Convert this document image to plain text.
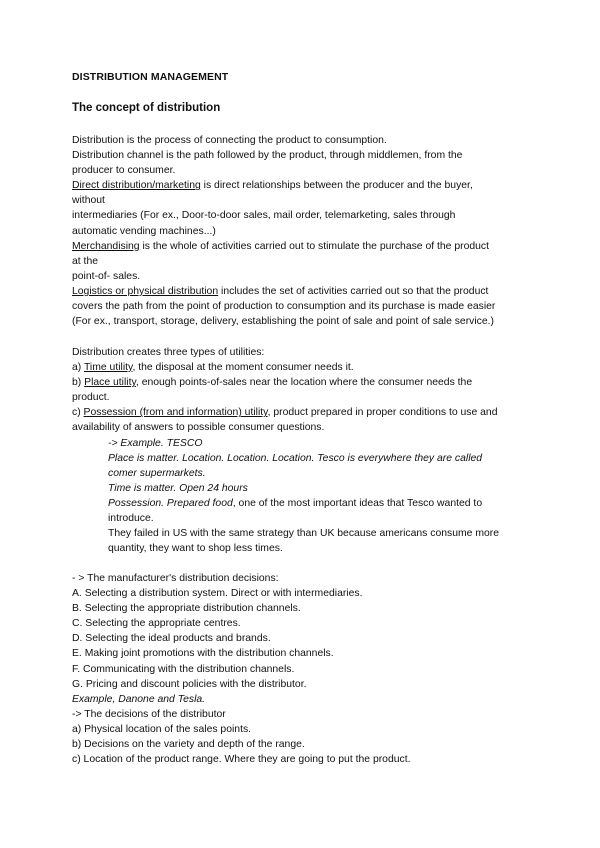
DISTRIBUTION MANAGEMENT
The concept of distribution

Distribution is the process of connecting the product to consumption.

Distribution channel is the path followed by the product, through middlemen, from the

producer to consumer.

Direct distribution/marketing is direct relationships between the producer and the buyer,

without

intermediaries (For ex., Door-to-door sales, mail order, telemarketing, sales through

automatic vending machines...)

Merchandising is the whole of activities carried out to stimulate the purchase of the product

at the

point-of- sales.

Logistics or physical distribution includes the set of activities carried out so that the product

covers the path from the point of production to consumption and its purchase is made easier

(For ex., transport, storage, delivery, establishing the point of sale and point of sale service.)

Distribution creates three types of utilities:

a) Time utility, the disposal at the moment consumer needs it.

b) Place utility, enough points-of-sales near the location where the consumer needs the

product.

c) Possession (from and information) utility, product prepared in proper conditions to use and

availability of answers to possible consumer questions.

-> Example. TESCO

Place is matter. Location. Location. Location. Tesco is everywhere they are called

comer supermarkets.

Time is matter. Open 24 hours

Possession. Prepared food, one of the most important ideas that Tesco wanted to

introduce.

They failed in US with the same strategy than UK because americans consume more

quantity, they want to shop less times.

- > The manufacturer's distribution decisions:

A. Selecting a distribution system. Direct or with intermediaries.

B. Selecting the appropriate distribution channels.

C. Selecting the appropriate centres.

D. Selecting the ideal products and brands.

E. Making joint promotions with the distribution channels.

F. Communicating with the distribution channels.

G. Pricing and discount policies with the distributor.

Example, Danone and Tesla.

-> The decisions of the distributor

a) Physical location of the sales points.

b) Decisions on the variety and depth of the range.

c) Location of the product range. Where they are going to put the product.
